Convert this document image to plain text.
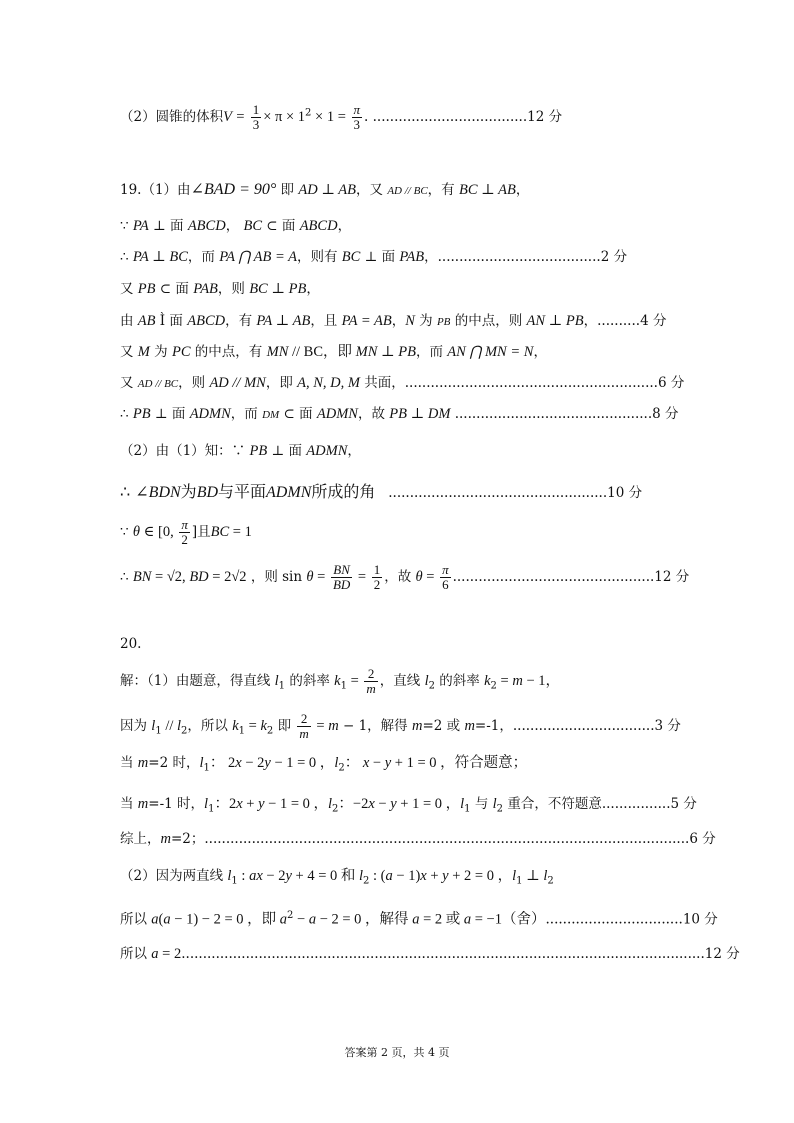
（2）圆锥的体积$V = \frac{1}{3} \times \pi \times 1^2 \times 1 = \frac{\pi}{3}$ . ....................................12 分
19.（1）由∠BAD = 90° 即 AD ⊥ AB，又 AD // BC，有 BC ⊥ AB，
∵ PA ⊥ 面 ABCD， BC ⊂ 面 ABCD，
∴ PA ⊥ BC，而 PA ⋂ AB = A，则有 BC ⊥ 面 PAB，......................................2 分
又 PB ⊂ 面 PAB，则 BC ⊥ PB，
由 AB Ì 面 ABCD，有 PA ⊥ AB，且 PA = AB，N 为 PB 的中点，则 AN ⊥ PB，..........4 分
又 M 为 PC 的中点，有 MN // BC，即 MN ⊥ PB，而 AN ⋂ MN = N，
又 AD // BC，则 AD // MN，即 A, N, D, M 共面，...........................................................6 分
∴ PB ⊥ 面 ADMN，而 DM ⊂ 面 ADMN，故 PB ⊥ DM ..............................................8 分
（2）由（1）知：∵ PB ⊥ 面 ADMN，
∴ ∠BDN为BD与平面ADMN所成的角 ...................................................10 分
∵ θ ∈ [0, $\frac{\pi}{2}$ ]且BC = 1
∴ BN = √2, BD = 2√2 ，则 $\sin \theta = \frac{BN}{BD} = \frac{1}{2}$ ，故 $\theta = \frac{\pi}{6} ...............................................12$ 分
20.
解：（1）由题意，得直线 $l_1$ 的斜率 $k_1 = \frac{2}{m}$ ，直线 $l_2$ 的斜率 $k_2 = m - 1$，
因为 $l_1 // l_2$，所以 $k_1 = k_2$ 即 $\frac{2}{m} = m - 1$，解得 m=2 或 m=-1，.................................3 分
当 m=2 时，$l_1$： 2x − 2y − 1 = 0 ，$l_2$： x − y + 1 = 0 ，符合题意；
当 m=-1 时，$l_1$：2x + y − 1 = 0 ，$l_2$：−2x − y + 1 = 0 ，$l_1$ 与 $l_2$ 重合，不符题意................5 分
综上，m=2；.................................................................................................................6 分
（2）因为两直线 $l_1$ : ax − 2y + 4 = 0 和 $l_2$ : (a − 1)x + y + 2 = 0 ，$l_1$ ⊥ $l_2$
所以 a(a − 1) − 2 = 0 ，即 $a^2 - a - 2 = 0$ ，解得 a = 2 或 a = −1（舍）................................10 分
所以 a = 2..........................................................................................................................12 分
答案第 2 页，共 4 页
